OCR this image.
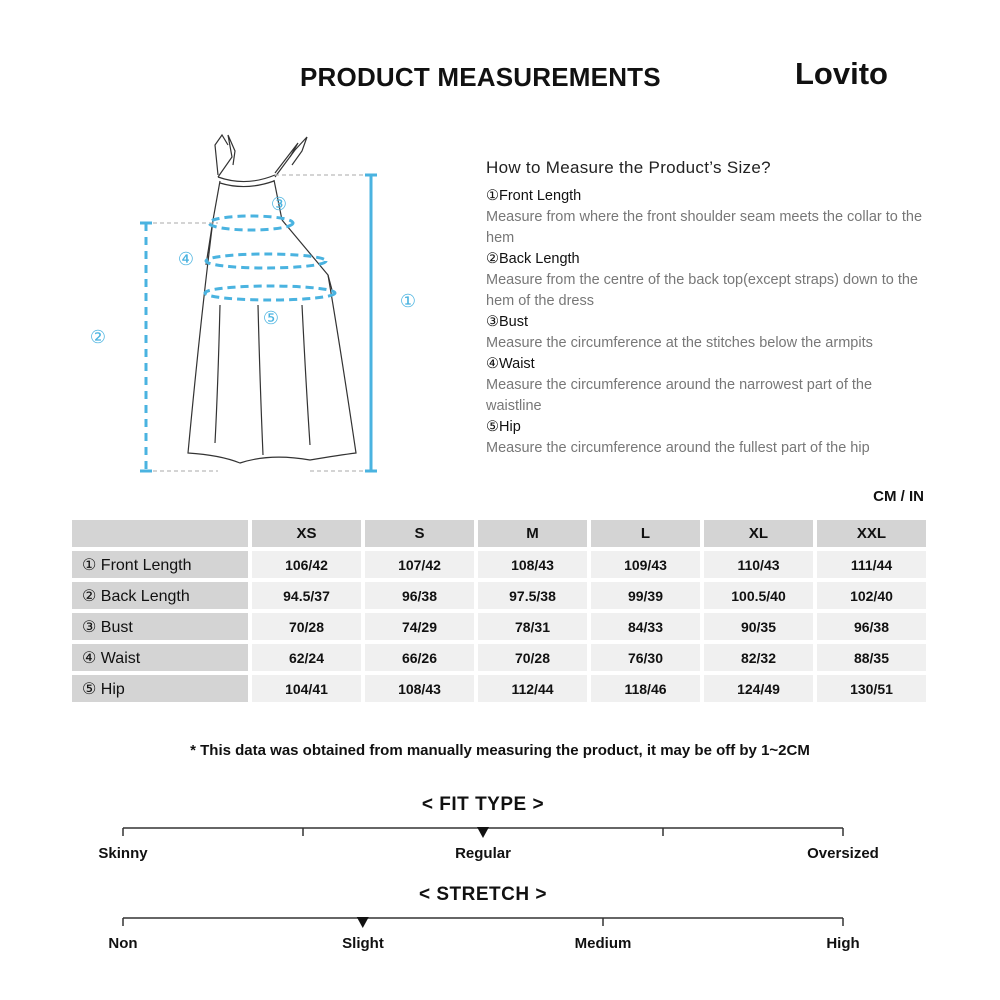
PRODUCT MEASUREMENTS	Lovito
③
④
②
⑤
①
How to Measure the Product’s Size?
①Front Length
Measure from where the front shoulder seam meets the collar to the hem
②Back Length
Measure from the centre of the back top(except straps) down to the hem of the dress
③Bust
Measure the circumference at the stitches below the armpits
④Waist
Measure the circumference around the narrowest part of the waistline
⑤Hip
Measure the circumference around the fullest part of the hip
CM / IN
	XS	S	M	L	XL	XXL
① Front Length	106/42	107/42	108/43	109/43	110/43	111/44
② Back Length	94.5/37	96/38	97.5/38	99/39	100.5/40	102/40
③ Bust	70/28	74/29	78/31	84/33	90/35	96/38
④ Waist	62/24	66/26	70/28	76/30	82/32	88/35
⑤ Hip	104/41	108/43	112/44	118/46	124/49	130/51
* This data was obtained from manually measuring the product, it may be off by 1~2CM
< FIT TYPE >
Skinny	Regular	Oversized
< STRETCH >
Non	Slight	Medium	High
